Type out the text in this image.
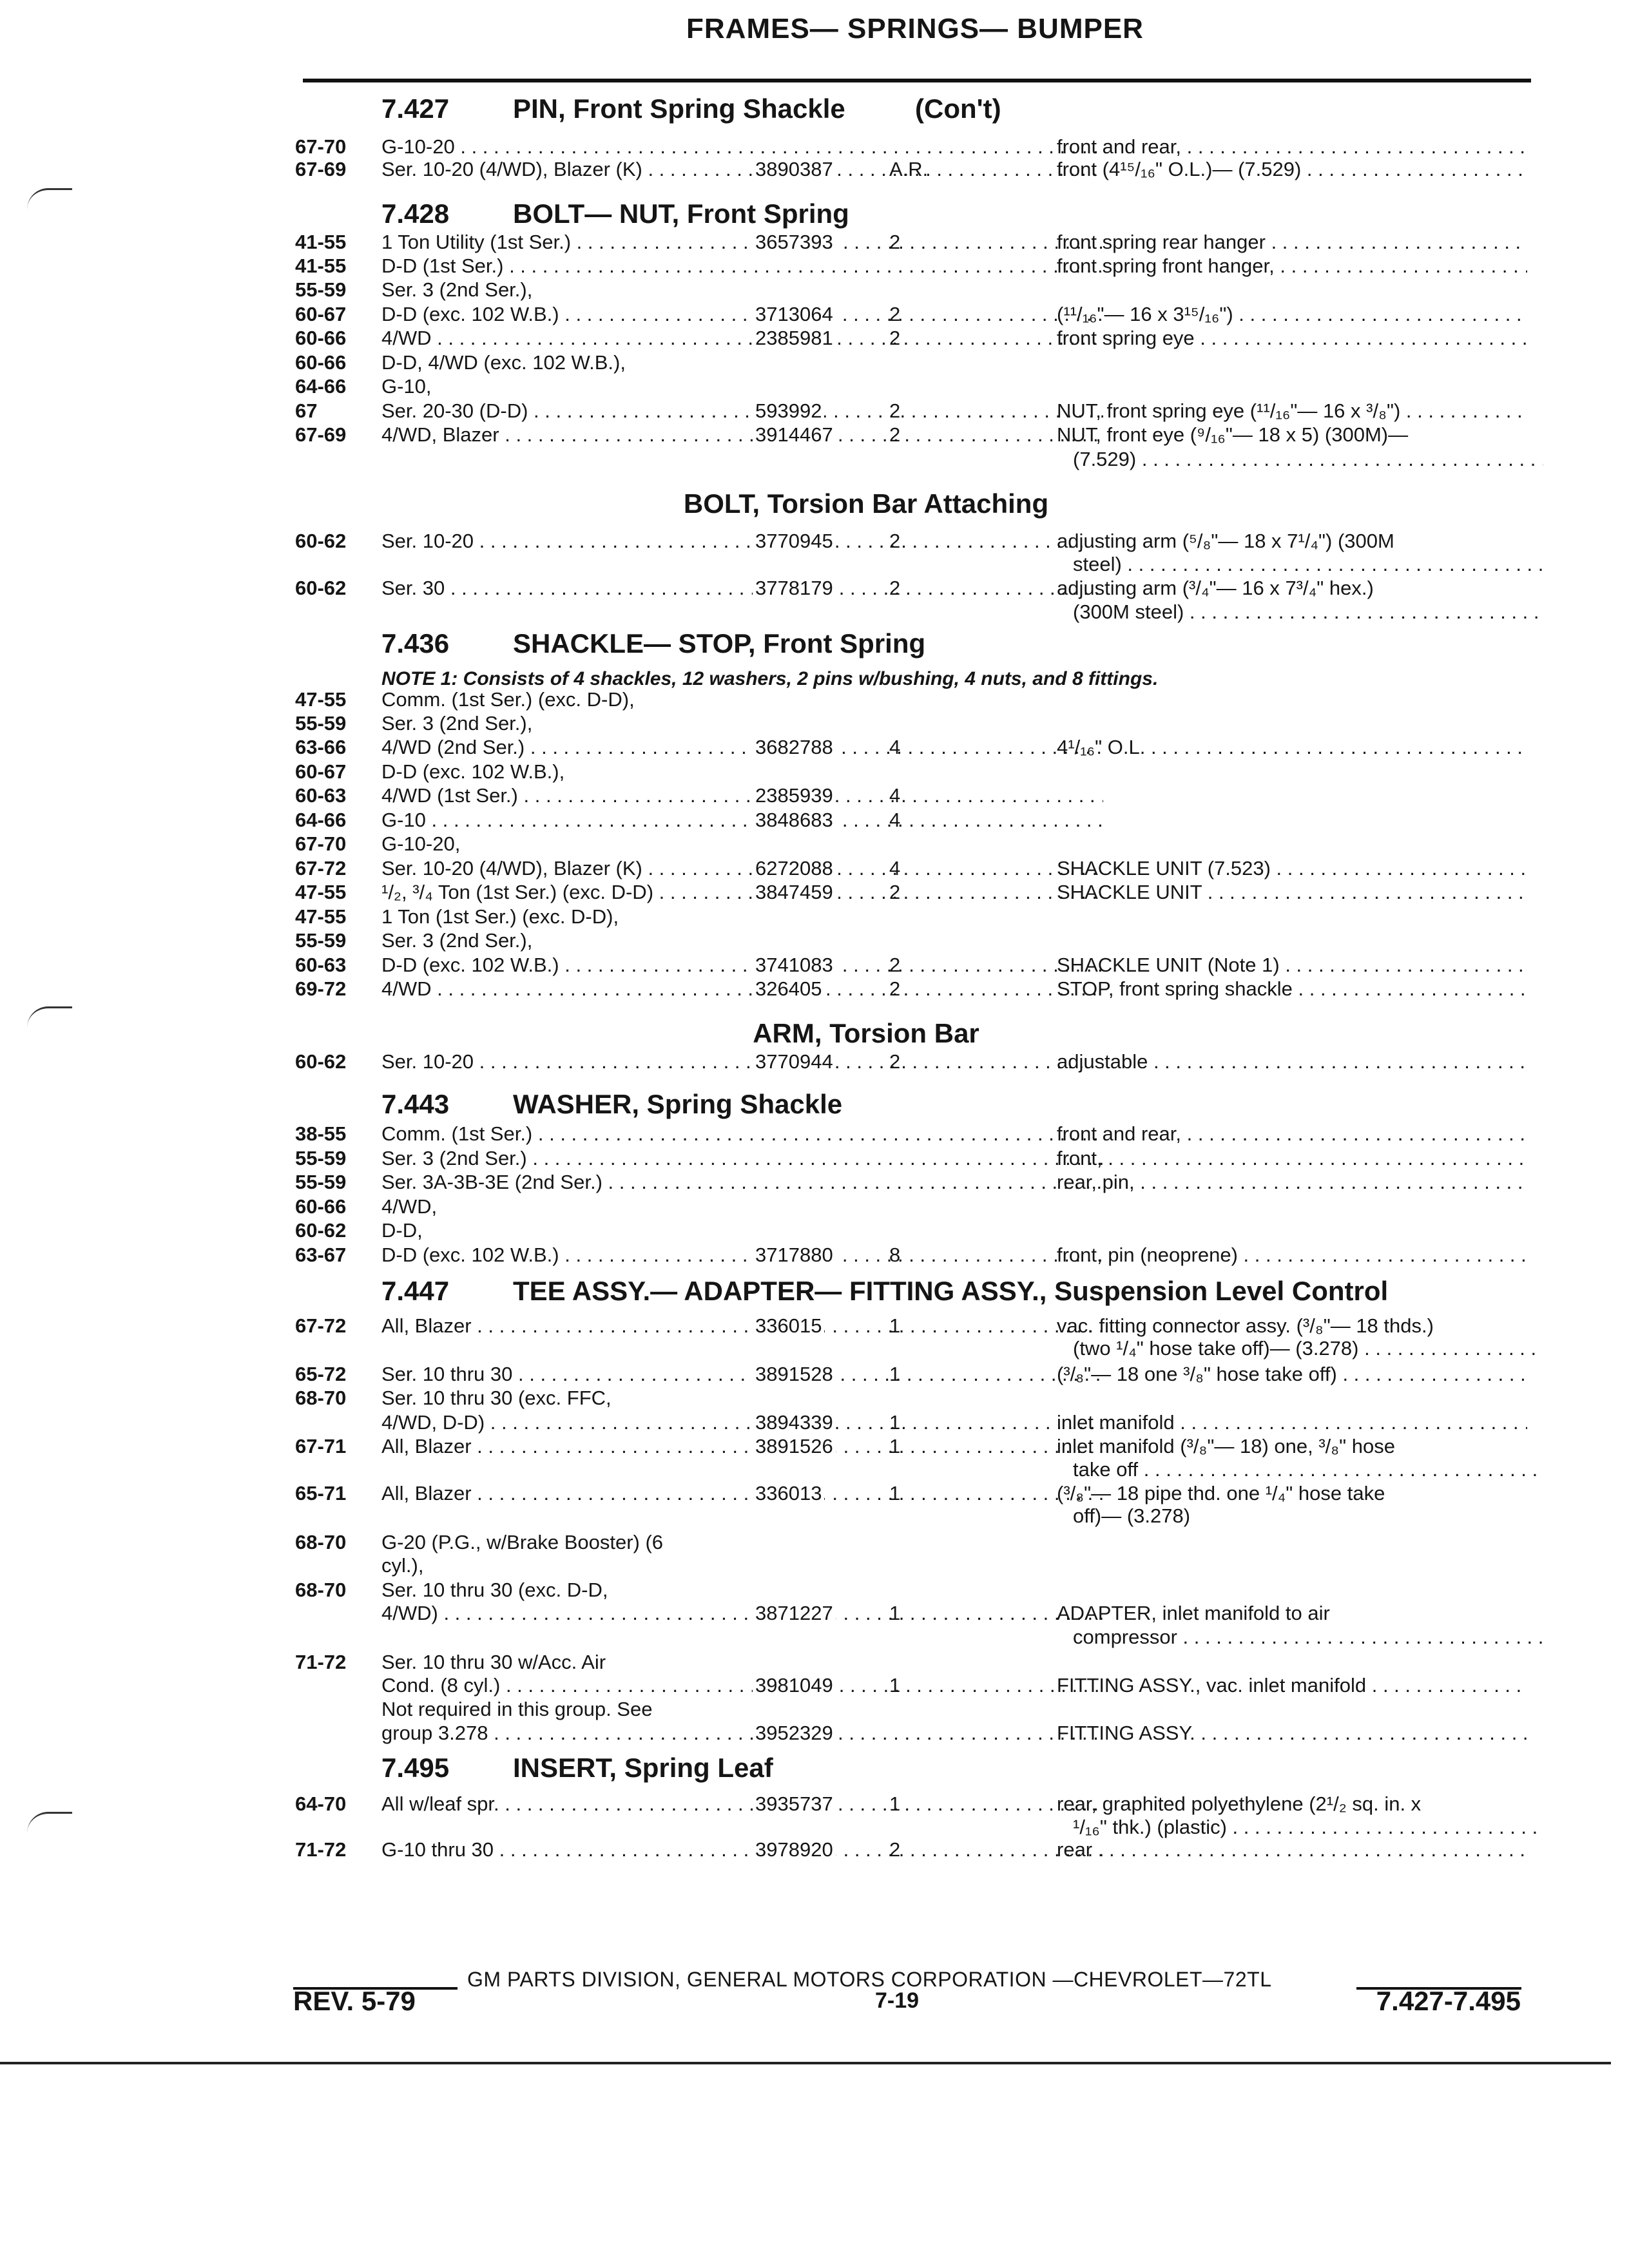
FRAMES— SPRINGS— BUMPER
7.427 PIN, Front Spring Shackle	(Con't)
67-70 G-10-20 . . .	front and rear, . . .
67-69 Ser. 10-20 (4/WD), Blazer (K) . . .	3890387	A.R.	front (4¹⁵/₁₆" O.L.)— (7.529) . . .
7.428 BOLT— NUT, Front Spring
41-55 1 Ton Utility (1st Ser.) . . .	3657393	2	front spring rear hanger . . .
41-55 D-D (1st Ser.) . . .	front spring front hanger, . . .
55-59 Ser. 3 (2nd Ser.),
60-67 D-D (exc. 102 W.B.) . . .	3713064	2	(¹¹/₁₆"— 16 x 3¹⁵/₁₆") . . .
60-66 4/WD . . .	2385981	2	front spring eye . . .
60-66 D-D, 4/WD (exc. 102 W.B.),
64-66 G-10,
67	Ser. 20-30 (D-D) . . .	593992	2	NUT, front spring eye (¹¹/₁₆"— 16 x ³/₈") . . .
67-69 4/WD, Blazer . . .	3914467	2	NUT, front eye (⁹/₁₆"— 18 x 5) (300M)—
(7.529) . . .
BOLT, Torsion Bar Attaching
60-62 Ser. 10-20 . . .	3770945	2	adjusting arm (⁵/₈"— 18 x 7¹/₄") (300M
steel) . . .
60-62 Ser. 30 . . .	3778179	2	adjusting arm (³/₄"— 16 x 7³/₄" hex.)
(300M steel) . . .
7.436 SHACKLE— STOP, Front Spring
NOTE 1: Consists of 4 shackles, 12 washers, 2 pins w/bushing, 4 nuts, and 8 fittings.
47-55 Comm. (1st Ser.) (exc. D-D),
55-59 Ser. 3 (2nd Ser.),
63-66 4/WD (2nd Ser.) . . .	3682788	4	4¹/₁₆" O.L. . . .
60-67 D-D (exc. 102 W.B.),
60-63 4/WD (1st Ser.) . . .	2385939	4
64-66 G-10 . . .	3848683	4
67-70 G-10-20,
67-72 Ser. 10-20 (4/WD), Blazer (K) . . .	6272088	4	SHACKLE UNIT (7.523) . . .
47-55 ¹/₂, ³/₄ Ton (1st Ser.) (exc. D-D) . . .	3847459	2	SHACKLE UNIT . . .
47-55 1 Ton (1st Ser.) (exc. D-D),
55-59 Ser. 3 (2nd Ser.),
60-63 D-D (exc. 102 W.B.) . . .	3741083	2	SHACKLE UNIT (Note 1) . . .
69-72 4/WD . . .	326405	2	STOP, front spring shackle . . .
ARM, Torsion Bar
60-62 Ser. 10-20 . . .	3770944	2	adjustable . . .
7.443 WASHER, Spring Shackle
38-55 Comm. (1st Ser.) . . .	front and rear, . . .
55-59 Ser. 3 (2nd Ser.) . . .	front, . . .
55-59 Ser. 3A-3B-3E (2nd Ser.) . . .	rear, pin, . . .
60-66 4/WD,
60-62 D-D,
63-67 D-D (exc. 102 W.B.) . . .	3717880	8	front, pin (neoprene) . . .
7.447 TEE ASSY.— ADAPTER— FITTING ASSY., Suspension Level Control
67-72 All, Blazer . . .	336015	1	vac. fitting connector assy. (³/₈"— 18 thds.)
(two ¹/₄" hose take off)— (3.278) . . .
65-72 Ser. 10 thru 30 . . .	3891528	1	(³/₈"— 18 one ³/₈" hose take off) . . .
68-70 Ser. 10 thru 30 (exc. FFC,
4/WD, D-D) . . .	3894339	1	inlet manifold . . .
67-71 All, Blazer . . .	3891526	1	inlet manifold (³/₈"— 18) one, ³/₈" hose
take off . . .
65-71 All, Blazer . . .	336013	1	(³/₈"— 18 pipe thd. one ¹/₄" hose take
off)— (3.278)
68-70 G-20 (P.G., w/Brake Booster) (6
cyl.),
68-70 Ser. 10 thru 30 (exc. D-D,
4/WD) . . .	3871227	1	ADAPTER, inlet manifold to air
compressor . . .
71-72 Ser. 10 thru 30 w/Acc. Air
Cond. (8 cyl.) . . .	3981049	1	FITTING ASSY., vac. inlet manifold . . .
Not required in this group. See
group 3.278 . . .	3952329	FITTING ASSY. . . .
7.495 INSERT, Spring Leaf
64-70 All w/leaf spr. . . .	3935737	1	rear, graphited polyethylene (2¹/₂ sq. in. x
¹/₁₆" thk.) (plastic) . . .
71-72 G-10 thru 30 . . .	3978920	2	rear . . .
GM PARTS DIVISION, GENERAL MOTORS CORPORATION —CHEVROLET—72TL
REV. 5-79	7-19	7.427-7.495
